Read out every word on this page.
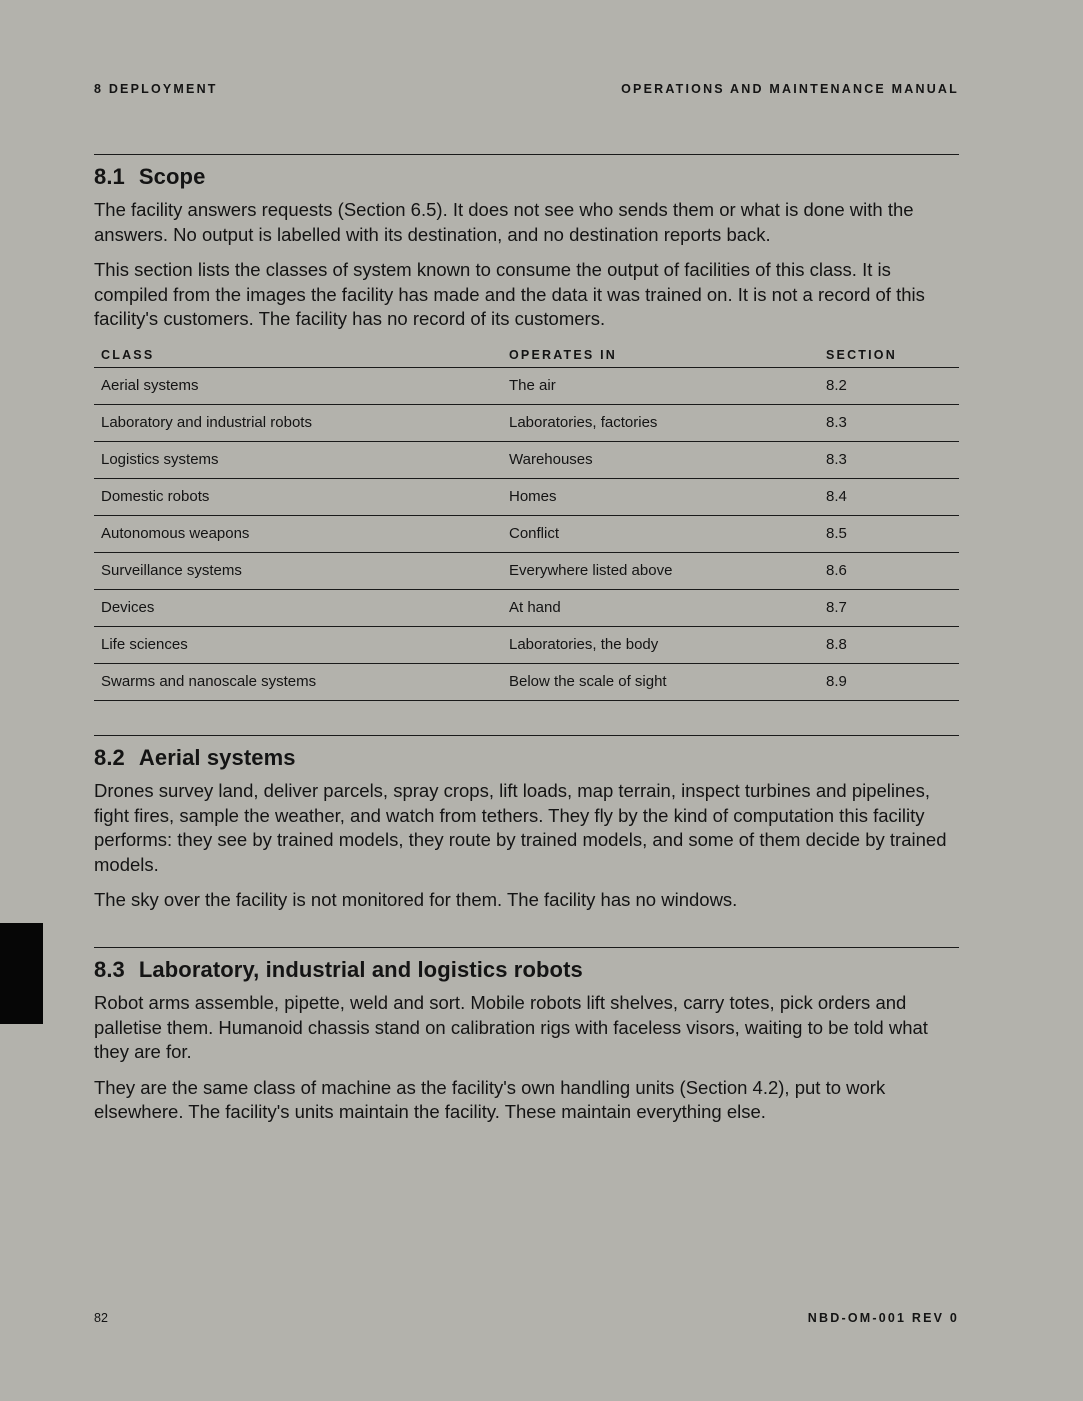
8 DEPLOYMENT	OPERATIONS AND MAINTENANCE MANUAL
8.1 Scope

The facility answers requests (Section 6.5). It does not see who sends them or what is done with the answers. No output is labelled with its destination, and no destination reports back.

This section lists the classes of system known to consume the output of facilities of this class. It is compiled from the images the facility has made and the data it was trained on. It is not a record of this facility's customers. The facility has no record of its customers.

CLASS	OPERATES IN	SECTION
Aerial systems	The air	8.2
Laboratory and industrial robots	Laboratories, factories	8.3
Logistics systems	Warehouses	8.3
Domestic robots	Homes	8.4
Autonomous weapons	Conflict	8.5
Surveillance systems	Everywhere listed above	8.6
Devices	At hand	8.7
Life sciences	Laboratories, the body	8.8
Swarms and nanoscale systems	Below the scale of sight	8.9
8.2 Aerial systems

Drones survey land, deliver parcels, spray crops, lift loads, map terrain, inspect turbines and pipelines, fight fires, sample the weather, and watch from tethers. They fly by the kind of computation this facility performs: they see by trained models, they route by trained models, and some of them decide by trained models.

The sky over the facility is not monitored for them. The facility has no windows.

8.3 Laboratory, industrial and logistics robots

Robot arms assemble, pipette, weld and sort. Mobile robots lift shelves, carry totes, pick orders and palletise them. Humanoid chassis stand on calibration rigs with faceless visors, waiting to be told what they are for.

They are the same class of machine as the facility's own handling units (Section 4.2), put to work elsewhere. The facility's units maintain the facility. These maintain everything else.

82	NBD-OM-001 REV 0
